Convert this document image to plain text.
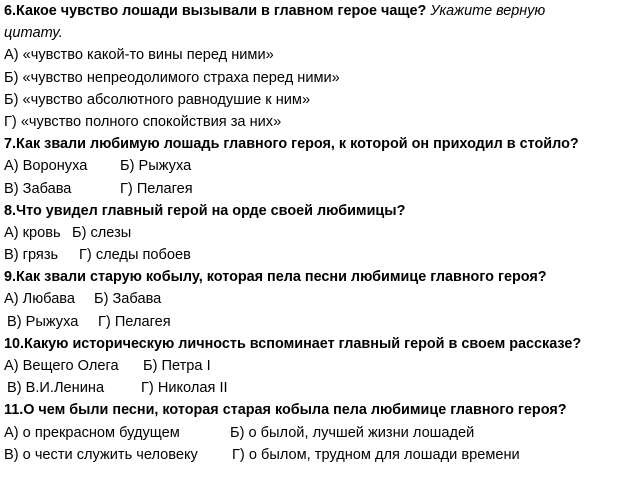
6.Какое чувство лошади вызывали в главном герое чаще? Укажите верную
цитату.
А) «чувство какой-то вины перед ними»
Б) «чувство непреодолимого страха перед ними»
Б) «чувство абсолютного равнодушие к ним»
Г) «чувство полного спокойствия за них»
7.Как звали любимую лошадь главного героя, к которой он приходил в стойло?
А) Воронуха Б) Рыжуха
В) Забава	Г) Пелагея
8.Что увидел главный герой на орде своей любимицы?
А) кровь Б) слезы
В) грязь Г) следы побоев
9.Как звали старую кобылу, которая пела песни любимице главного героя?
А) Любава Б) Забава
В) Рыжуха Г) Пелагея
10.Какую историческую личность вспоминает главный герой в своем рассказе?
А) Вещего Олега Б) Петра I
В) В.И.Ленина	Г) Николая II
11.О чем были песни, которая старая кобыла пела любимице главного героя?
А) о прекрасном будущем	Б) о былой, лучшей жизни лошадей
В) о чести служить человеку Г) о былом, трудном для лошади времени
